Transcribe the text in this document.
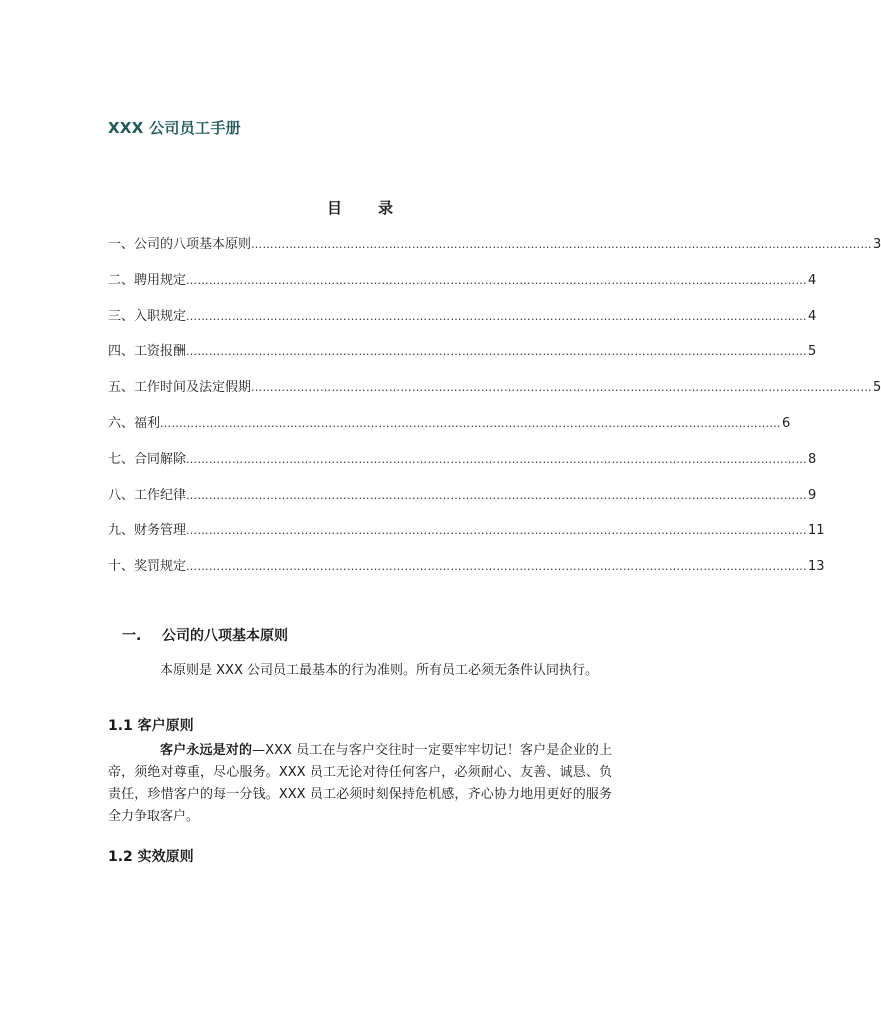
XXX 公司员工手册
目 录
一、公司的八项基本原则 ……………………………………………………………………………………………………………………………………………… 3
二、聘用规定 ……………………………………………………………………………………………………………………………………………… 4
三、入职规定 ……………………………………………………………………………………………………………………………………………… 4
四、工资报酬 ……………………………………………………………………………………………………………………………………………… 5
五、工作时间及法定假期 ……………………………………………………………………………………………………………………………………………… 5
六、福利 ……………………………………………………………………………………………………………………………………………… 6
七、合同解除 ……………………………………………………………………………………………………………………………………………… 8
八、工作纪律 ……………………………………………………………………………………………………………………………………………… 9
九、财务管理 ……………………………………………………………………………………………………………………………………………… 11
十、奖罚规定 ……………………………………………………………………………………………………………………………………………… 13
一. 公司的八项基本原则
本原则是 XXX 公司员工最基本的行为准则。所有员工必须无条件认同执行。
1.1 客户原则
客户永远是对的—XXX 员工在与客户交往时一定要牢牢切记！客户是企业的上帝，须绝对尊重，尽心服务。XXX 员工无论对待任何客户，必须耐心、友善、诚恳、负责任，珍惜客户的每一分钱。XXX 员工必须时刻保持危机感，齐心协力地用更好的服务全力争取客户。
1.2 实效原则
